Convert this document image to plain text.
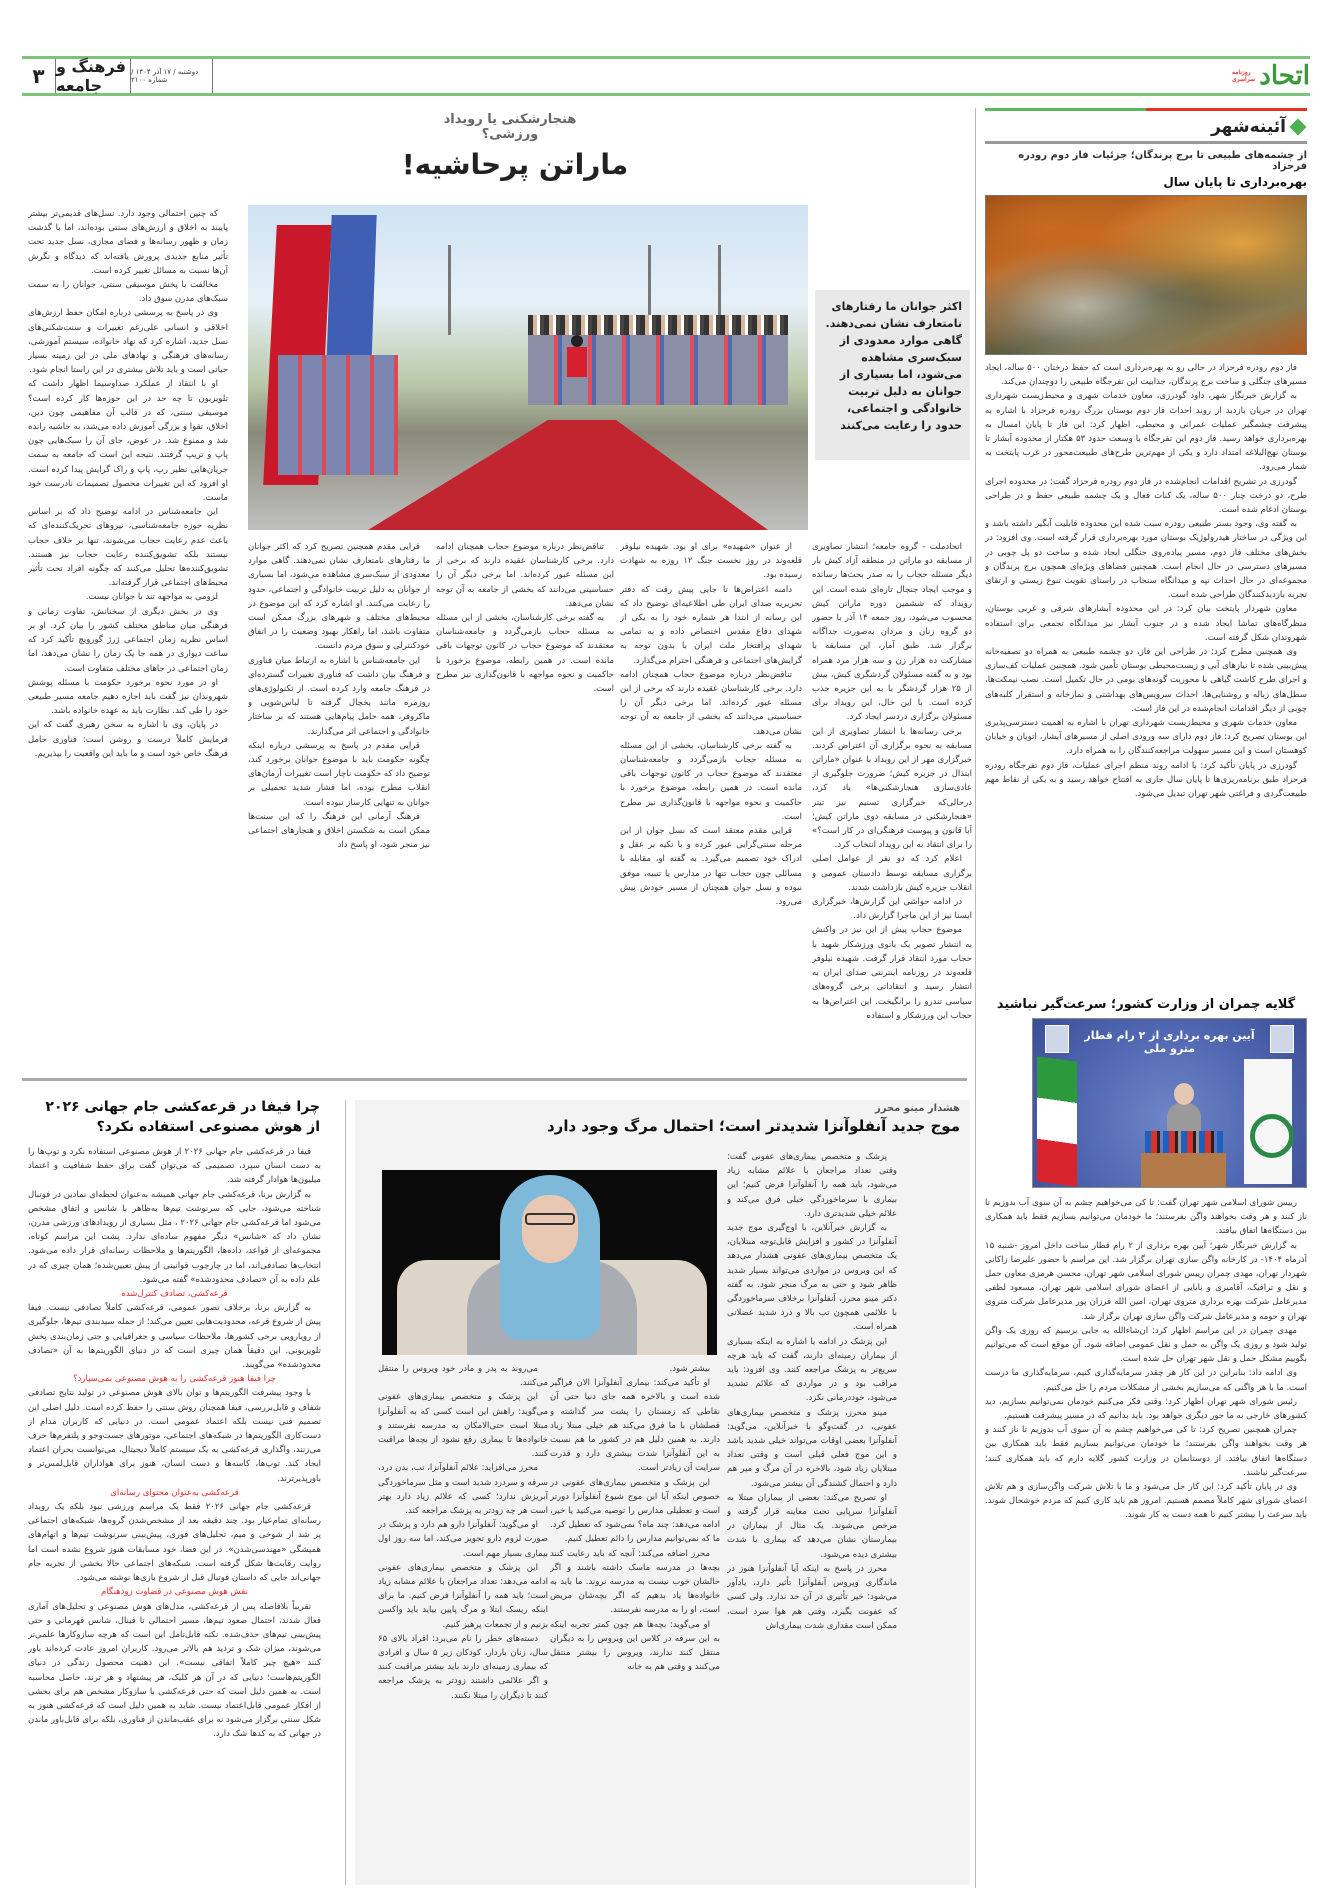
۳ فرهنگ و جامعه
دوشنبه / ۱۷ آذر ۱۴۰۴ / شماره ۲۱۰۰
روزنامه سراسری اتحاد
آئینه‌شهر
از چشمه‌های طبیعی تا برج پرندگان؛ جزئیات فاز دوم رودره فرحزاد
بهره‌برداری تا پایان سال

فاز دوم رودره فرحزاد در حالی رو به بهره‌برداری است که حفظ درختان ۵۰۰ ساله، ایجاد مسیرهای جنگلی و ساخت برج پرندگان، جذابیت این تفرجگاه طبیعی را دوچندان می‌کند.

به گزارش خبرنگار شهر، داود گودرزی، معاون خدمات شهری و محیط‌زیست شهرداری تهران در جریان بازدید از روند احداث فاز دوم بوستان بزرگ رودره فرحزاد با اشاره به پیشرفت چشمگیر عملیات عمرانی و محیطی، اظهار کرد: این فاز تا پایان امسال به بهره‌برداری خواهد رسید. فاز دوم این تفرجگاه با وسعت حدود ۵۳ هکتار از محدوده آبشار تا بوستان نهج‌البلاغه امتداد دارد و یکی از مهم‌ترین طرح‌های طبیعت‌محور در غرب پایتخت به شمار می‌رود.

گودرزی در تشریح اقدامات انجام‌شده در فاز دوم رودره فرحزاد گفت: در محدوده اجرای طرح، دو درخت چنار ۵۰۰ ساله، یک کنات فعال و یک چشمه طبیعی حفظ و در طراحی بوستان ادغام شده است.

به گفته وی، وجود بستر طبیعی رودره سبب شده این محدوده قابلیت آبگیر داشته باشد و این ویژگی در ساختار هیدرولوژیک بوستان مورد بهره‌برداری قرار گرفته است. وی افزود: در بخش‌های مختلف فاز دوم، مسیر پیاده‌روی جنگلی ایجاد شده و ساخت دو پل چوبی در مسیرهای دسترسی در حال انجام است. همچنین فضاهای ویژه‌ای همچون برج پرندگان و مجموعه‌ای در حال احداث تپه و میدانگاه سنجاب در راستای تقویت تنوع زیستی و ارتقای تجربه بازدیدکنندگان طراحی شده است.

معاون شهردار پایتخت بیان کرد: در این محدوده آبشارهای شرقی و غربی بوستان، منظرگاه‌های تماشا ایجاد شده و در جنوب آبشار نیز میدانگاه تجمعی برای استفاده شهروندان شکل گرفته است.

وی همچنین مطرح کرد: در طراحی این فاز، دو چشمه طبیعی به همراه دو تصفیه‌خانه پیش‌بینی شده تا نیازهای آبی و زیست‌محیطی بوستان تأمین شود. همچنین عملیات کف‌سازی و اجرای طرح کاشت گیاهی با محوریت گونه‌های بومی در حال تکمیل است. نصب نیمکت‌ها، سطل‌های زباله و روشنایی‌ها، احداث سرویس‌های بهداشتی و نمازخانه و استقرار کلبه‌های چوبی از دیگر اقدامات انجام‌شده در این فاز است.

معاون خدمات شهری و محیط‌زیست شهرداری تهران با اشاره به اهمیت دسترسی‌پذیری این بوستان تصریح کرد: فاز دوم دارای سه ورودی اصلی از مسیرهای آبشار، اتوبان و خیابان کوهستان است و این مسیر سهولت مراجعه‌کنندگان را به همراه دارد.

گودرزی در پایان تأکید کرد: با ادامه روند منظم اجرای عملیات، فاز دوم تفرجگاه رودره فرحزاد طبق برنامه‌ریزی‌ها تا پایان سال جاری به افتتاح خواهد رسید و به یکی از نقاط مهم طبیعت‌گردی و فراغتی شهر تهران تبدیل می‌شود.

گلایه چمران از وزارت کشور؛ سرعت‌گیر نباشید
آیین بهره برداری از ۲ رام قطار مترو ملی

رییس شورای اسلامی شهر تهران گفت: تا کی می‌خواهیم چشم به آن سوی آب بدوزیم تا ناز کنند و هر وقت بخواهند واگن بفرستند؛ ما خودمان می‌توانیم بسازیم فقط باید همکاری بین دستگاه‌ها اتفاق بیافتد.

به گزارش خبرنگار شهر؛ آیین بهره برداری از ۲ رام قطار ساخت داخل امروز -شنبه ۱۵ آذرماه ۱۴۰۴- در کارخانه واگن سازی تهران برگزار شد. این مراسم با حضور علیرضا زاکانی شهردار تهران، مهدی چمران رییس شورای اسلامی شهر تهران، محسن هرمزی معاون حمل و نقل و ترافیک، آقامیری و بابایی از اعضای شورای اسلامی شهر تهران، مسعود لطفی مدیرعامل شرکت بهره برداری متروی تهران، امین الله فرزان پور مدیرعامل شرکت متروی تهران و حومه و مدیرعامل شرکت واگن سازی تهران برگزار شد.

مهدی چمران در این مراسم اظهار کرد: ان‌شاءالله به جایی برسیم که روزی یک واگن تولید شود و روزی یک واگن به حمل و نقل عمومی اضافه شود. آن موقع است که می‌توانیم بگوییم مشکل حمل و نقل شهر تهران حل شده است.

وی ادامه داد: بنابراین در این کار هر چقدر سرمایه‌گذاری کنیم، سرمایه‌گذاری ما درست است. ما با هر واگنی که می‌سازیم بخشی از مشکلات مردم را حل می‌کنیم.

رئیس شورای شهر تهران اظهار کرد: وقتی فکر می‌کنیم خودمان نمی‌توانیم بسازیم، دید کشورهای خارجی به ما جور دیگری خواهد بود. باید بدانیم که در مسیر پیشرفت هستیم.

چمران همچنین تصریح کرد: تا کی می‌خواهیم چشم به آن سوی آب بدوزیم تا ناز کنند و هر وقت بخواهند واگن بفرستند؛ ما خودمان می‌توانیم بسازیم فقط باید همکاری بین دستگاه‌ها اتفاق بیافتد. از دوستانمان در وزارت کشور گلایه دارم که باید همکاری کنند؛ سرعت‌گیر نباشند.

وی در پایان تأکید کرد: این کار حل می‌شود و ما با تلاش شرکت واگن‌سازی و هم تلاش اعضای شورای شهر کاملاً مصمم هستیم. امروز هم باید کاری کنیم که مردم خوشحال شوند. باید سرعت را بیشتر کنیم تا همه دست به کار شوند.

هنجارشکنی یا رویداد ورزشی؟
ماراتن پرحاشیه!
اکثر جوانان ما رفتارهای نامتعارف نشان نمی‌دهند. گاهی موارد معدودی از سبک‌سری مشاهده می‌شود، اما بسیاری از جوانان به دلیل تربیت خانوادگی و اجتماعی، حدود را رعایت می‌کنند

اتحادملت - گروه جامعه؛ انتشار تصاویری از مسابقه دو ماراتن در منطقه آزاد کیش بار دیگر مسئله حجاب را به صدر بحث‌ها رسانده و موجب ایجاد جنجال تازه‌ای شده است. این رویداد که ششمین دوره ماراتن کیش محسوب می‌شود، روز جمعه ۱۴ آذر با حضور دو گروه زنان و مردان به‌صورت جداگانه برگزار شد. طبق آمار، این مسابقه با مشارکت ده هزار زن و سه هزار مرد همراه بود و به گفته مسئولان گردشگری کیش، بیش از ۲۵ هزار گردشگر با به این جزیره جذب کرده است. با این حال، این رویداد برای مسئولان برگزاری دردسر ایجاد کرد.

برخی رسانه‌ها با انتشار تصاویری از این مسابقه به نحوه برگزاری آن اعتراض کردند. خبرگزاری مهر از این رویداد با عنوان «ماراتن ابتذال در جزیره کیش؛ ضرورت جلوگیری از عادی‌سازی هنجارشکنی‌ها» یاد کرد، درحالی‌که خبرگزاری تسنیم نیز تیتر «هنجارشکنی در مسابقه دوی ماراتن کیش؛ آیا قانون و پیوست فرهنگی‌ای در کار است؟» را برای انتقاد به این رویداد انتخاب کرد.

اعلام کرد که دو نفر از عوامل اصلی برگزاری مسابقه توسط دادستان عمومی و انقلاب جزیره کیش بازداشت شدند.

در ادامه حواشی این گزارش‌ها، خبرگزاری ایسنا نیز از این ماجرا گزارش داد.

موضوع حجاب پیش از این نیز در واکنش به انتشار تصویر یک بانوی ورزشکار شهید با حجاب مورد انتقاد قرار گرفت. شهیده نیلوفر قلعه‌وند در روزنامه اینترنتی صدای ایران به انتشار رسید و انتقاداتی برخی گروه‌های سیاسی تندرو را برانگیخت. این اعتراض‌ها به حجاب این ورزشکار و استفاده

از عنوان «شهیده» برای او بود. شهیده نیلوفر قلعه‌وند در روز نخست جنگ ۱۲ روزه به شهادت رسیده بود.

دامنه اعتراض‌ها تا جایی پیش رفت که دفتر تحریریه صدای ایران طی اطلاعیه‌ای توضیح داد که این رسانه از ابتدا هر شماره خود را به یکی از شهدای دفاع مقدس اختصاص داده و به تمامی شهدای پرافتخار ملت ایران با بدون توجه به گرایش‌های اجتماعی و فرهنگی احترام می‌گذارد.

تناقض‌نظر درباره موضوع حجاب همچنان ادامه دارد. برخی کارشناسان عقیده دارند که برخی از این مسئله عبور کرده‌اند. اما برخی دیگر آن را حساسیتی می‌دانند که بخشی از جامعه به آن توجه نشان می‌دهد.

به گفته برخی کارشناسان، بخشی از این مسئله به مسئله حجاب بازمی‌گردد و جامعه‌شناسان معتقدند که موضوع حجاب در کانون توجهات باقی مانده است. در همین رابطه، موضوع برخورد با حاکمیت و نحوه مواجهه با قانون‌گذاری نیز مطرح است.

قرایی مقدم معتقد است که نسل جوان از این مرحله سنتی‌گرایی عبور کرده و با تکیه بر عقل و ادراک خود تصمیم می‌گیرد. به گفته او، مقابله با مسائلی چون حجاب تنها در مدارس یا تنبیه، موفق نبوده و نسل جوان همچنان از مسیر خودش پیش می‌رود.

قرایی مقدم همچنین تصریح کرد که اکثر جوانان ما رفتارهای نامتعارف نشان نمی‌دهند. گاهی موارد معدودی از سبک‌سری مشاهده می‌شود، اما بسیاری از جوانان به دلیل تربیت خانوادگی و اجتماعی، حدود را رعایت می‌کنند. او اشاره کرد که این موضوع در محیط‌های مختلف و شهرهای بزرگ ممکن است متفاوت باشد، اما راهکار بهبود وضعیت را در اتفاق خودکنترلی و سوق مردم دانست.

این جامعه‌شناس با اشاره به ارتباط میان فناوری و فرهنگ بیان داشت که فناوری تغییرات گسترده‌ای در فرهنگ جامعه وارد کرده است. از تکنولوژی‌های روزمره مانند یخچال گرفته تا لباس‌شویی و ماکروفر، همه حامل پیام‌هایی هستند که بر ساختار خانوادگی و اجتماعی اثر می‌گذارند.

قرایی مقدم در پاسخ به پرسشی درباره اینکه چگونه حکومت باید با موضوع جوانان برخورد کند، توضیح داد که حکومت ناچار است تغییرات آرمان‌های انقلاب مطرح بوده، اما فشار شدید تحمیلی بر جوانان به تنهایی کارساز نبوده است.

فرهنگ آرمانی این فرهنگ را که این سنت‌ها ممکن است به شکستن اخلاق و هنجارهای اجتماعی نیز منجر شود، او پاسخ داد

تناقض‌نظر درباره موضوع حجاب همچنان ادامه دارد. برخی کارشناسان عقیده دارند که برخی از این مسئله عبور کرده‌اند. اما برخی دیگر آن را حساسیتی می‌دانند که بخشی از جامعه به آن توجه نشان می‌دهد.

به گفته برخی کارشناسان، بخشی از این مسئله به مسئله حجاب بازمی‌گردد و جامعه‌شناسان معتقدند که موضوع حجاب در کانون توجهات باقی مانده است. در همین رابطه، موضوع برخورد با حاکمیت و نحوه مواجهه با قانون‌گذاری نیز مطرح است.

که چنین احتمالی وجود دارد. نسل‌های قدیمی‌تر بیشتر پایبند به اخلاق و ارزش‌های سنتی بوده‌اند، اما با گذشت زمان و ظهور رسانه‌ها و فضای مجازی، نسل جدید تحت تأثیر منابع جدیدی پرورش یافته‌اند که دیدگاه و نگرش آن‌ها نسبت به مسائل تغییر کرده است.

مخالفت با پخش موسیقی سنتی، جوانان را به سمت سبک‌های مدرن سوق داد.

وی در پاسخ به پرسشی درباره امکان حفظ ارزش‌های اخلاقی و انسانی علی‌رغم تغییرات و سنت‌شکنی‌های نسل جدید، اشاره کرد که نهاد خانواده، سیستم آموزشی، رسانه‌های فرهنگی و نهادهای ملی در این زمینه بسیار حیاتی است و باید تلاش بیشتری در این راستا انجام شود.

او با انتقاد از عملکرد صداوسیما اظهار داشت که تلویزیون تا چه حد در این حوزه‌ها کار کرده است؟ موسیقی سنتی، که در قالب آن مفاهیمی چون دین، اخلاق، تقوا و بزرگی آموزش داده می‌شد، به حاشیه رانده شد و ممنوع شد. در عوض، جای آن را سبک‌هایی چون پاپ و تریپ گرفتند. نتیجه این است که جامعه به سمت جریان‌هایی نظیر رپ، پاپ و راک گرایش پیدا کرده است. او افزود که این تغییرات محصول تصمیمات نادرست خود ماست.

این جامعه‌شناس در ادامه توضیح داد که بر اساس نظریه حوزه جامعه‌شناسی، نیروهای تحریک‌کننده‌ای که باعث عدم رعایت حجاب می‌شوند، تنها بر خلاف حجاب نیستند بلکه تشویق‌کننده رعایت حجاب نیز هستند. تشویق‌کننده‌ها تحلیل می‌کنند که چگونه افراد تحت تأثیر محیط‌های اجتماعی قرار گرفته‌اند.

لزومی به مواجهه تند با جوانان نیست.

وی در بخش دیگری از سخنانش، تفاوت زمانی و فرهنگی میان مناطق مختلف کشور را بیان کرد. او بر اساس نظریه زمان اجتماعی ژرژ گورویچ تأکید کرد که ساعت دیواری در همه جا یک زمان را نشان می‌دهد، اما زمان اجتماعی در جاهای مختلف متفاوت است.

او در مورد نحوه برخورد حکومت با مسئله پوشش شهروندان نیز گفت باید اجازه دهیم جامعه مسیر طبیعی خود را طی کند. نظارت باید به عهده خانواده باشد.

در پایان، وی با اشاره به سخن رهبری گفت که این فرمایش کاملاً درست و روشن است: فناوری حامل فرهنگ خاص خود است و ما باید این واقعیت را بپذیریم.

هشدار مینو محرز
موج جدید آنفلوآنزا شدیدتر است؛ احتمال مرگ وجود دارد

پزشک و متخصص بیماری‌های عفونی گفت: وقتی تعداد مراجعان با علائم مشابه زیاد می‌شود، باید همه را آنفلوآنزا فرض کنیم؛ این بیماری با سرماخوردگی خیلی فرق می‌کند و علائم خیلی شدیدتری دارد.

به گزارش خبرآنلاین، با اوج‌گیری موج جدید آنفلوآنزا در کشور و افزایش قابل‌توجه مبتلایان، یک متخصص بیماری‌های عفونی هشدار می‌دهد که این ویروس در مواردی می‌تواند بسیار شدید ظاهر شود و حتی به مرگ منجر شود. به گفته دکتر مینو محرز، آنفلوآنزا برخلاف سرماخوردگی با علائمی همچون تب بالا و درد شدید عضلانی همراه است.

این پزشک در ادامه با اشاره به اینکه بسیاری از بیماران زمینه‌ای دارند، گفت که باید هرچه سریع‌تر به پزشک مراجعه کنند. وی افزود: باید مراقب بود و در مواردی که علائم تشدید می‌شود، خوددرمانی نکرد.

مینو محرز، پزشک و متخصص بیماری‌های عفونی، در گفت‌وگو با خبرآنلاین، می‌گوید: آنفلوآنزا بعضی اوقات می‌تواند خیلی شدید باشد و این موج فعلی قبلی است و وقتی تعداد مبتلایان زیاد شود، بالاخره در آن مرگ و میر هم دارد و احتمال کشندگی آن بیشتر می‌شود.

او تصریح می‌کند: بعضی از بیماران مبتلا به آنفلوآنزا سرپایی تحت معاینه قرار گرفته و مرخص می‌شوند. یک مثال از بیماران در بیمارستان نشان می‌دهد که بیماری با شدت بیشتری دیده می‌شود.

محرز در پاسخ به اینکه آیا آنفلوآنزا هنوز در ماندگاری ویروس آنفلوآنزا تأثیر دارد، یادآور می‌شود: خیر تأثیری در آن حد ندارد. ولی کسی که عفونت بگیرد، وقتی هم هوا سرد است، ممکن است مقداری شدت بیماری‌اش

بیشتر شود.

او تأکید می‌کند: بیماری آنفلوآنزا الان فراگیر شده است و بالاخره همه جای دنیا حتی آن نقاطی که زمستان را پشت سر گذاشته و فصلشان با ما فرق می‌کند هم خیلی مبتلا زیاد دارند. به همین دلیل هم در کشور ما هم نسبت به این آنفلوآنزا شدت بیشتری دارد و قدرت سرایت آن زیادتر است.

این پزشک و متخصص بیماری‌های عفونی در خصوص اینکه آیا این موج شیوع آنفلوآنزا دورتر است و تعطیلی مدارس را توصیه می‌کنید یا خیر، ادامه می‌دهد: چند ماه؟ نمی‌شود که تعطیل کرد. ما که نمی‌توانیم مدارس را دائم تعطیل کنیم.

محرز اضافه می‌کند: آنچه که باید رعایت کنند بچه‌ها در مدرسه ماسک داشته باشند و اگر حالشان خوب نیست به مدرسه نروند. ما باید به خانواده‌ها یاد بدهیم که اگر بچه‌شان مریض است، او را به مدرسه نفرستند.

او می‌گوید: بچه‌ها هم چون کمتر تجربه اینکه به این سرفه در کلاس این ویروس را به دیگران منتقل کنند ندارند، ویروس را بیشتر منتقل می‌کنند و وقتی هم به خانه

می‌روند به پدر و مادر خود ویروس را منتقل می‌کنند.

این پزشک و متخصص بیماری‌های عفونی می‌گوید: راهش این است کسی که به آنفلوآنزا مبتلا است حتی‌الامکان به مدرسه نفرستند و خانواده‌ها تا بیماری رفع نشود از بچه‌ها مراقبت کنند.

محرز می‌افزاید: علائم آنفلوآنزا، تب، بدن درد، سرفه و سردرد شدید است و مثل سرماخوردگی آبریزش ندارد؛ کسی که علائم زیاد دارد بهتر است هر چه زودتر به پزشک مراجعه کند.

او می‌گوید: آنفلوآنزا دارو هم دارد و پزشک در صورت لزوم دارو تجویز می‌کند، اما سه روز اول بیماری بسیار مهم است.

این پزشک و متخصص بیماری‌های عفونی ادامه می‌دهد: تعداد مراجعان با علائم مشابه زیاد است؛ باید همه را آنفلوآنزا فرض کنیم. ما برای اینکه ریسک ابتلا و مرگ پایین بیاید باید واکسن بزنیم و از تجمعات پرهیز کنیم.

دسته‌های خطر را نام می‌برد: افراد بالای ۶۵ سال، زنان باردار، کودکان زیر ۵ سال و افرادی که بیماری زمینه‌ای دارند باید بیشتر مراقبت کنند و اگر علائمی داشتند زودتر به پزشک مراجعه کنند تا دیگران را مبتلا نکنند.

چرا فیفا در قرعه‌کشی جام جهانی ۲۰۲۶ از هوش مصنوعی استفاده نکرد؟

فیفا در قرعه‌کشی جام جهانی ۲۰۲۶ از هوش مصنوعی استفاده نکرد و توپ‌ها را به دست انسان سپرد، تصمیمی که می‌توان گفت برای حفظ شفافیت و اعتماد میلیون‌ها هوادار گرفته شد.

به گزارش برنا، قرعه‌کشی جام جهانی همیشه به‌عنوان لحظه‌ای نمادین در فوتبال شناخته می‌شود، جایی که سرنوشت تیم‌ها به‌ظاهر با شانس و اتفاق مشخص می‌شود اما قرعه‌کشی جام جهانی ۲۰۲۶ ، مثل بسیاری از رویدادهای ورزشی مدرن، نشان داد که «شانس» دیگر مفهوم ساده‌ای ندارد. پشت این مراسم کوتاه، مجموعه‌ای از قواعد، داده‌ها، الگوریتم‌ها و ملاحظات رسانه‌ای قرار داده می‌شود. انتخاب‌ها تصادفی‌اند، اما در چارچوب قوانینی از پیش تعیین‌شده؛ همان چیزی که در علم داده به آن «تصادف محدودشده» گفته می‌شود.

قرعه‌کشی، تصادف کنترل‌شده

به گزارش برنا، برخلاف تصور عمومی، قرعه‌کشی کاملاً تصادفی نیست. فیفا پیش از شروع قرعه، محدودیت‌هایی تعیین می‌کند؛ از جمله سیدبندی تیم‌ها، جلوگیری از رویارویی برخی کشورها، ملاحظات سیاسی و جغرافیایی و حتی زمان‌بندی پخش تلویزیونی. این دقیقاً همان چیزی است که در دنیای الگوریتم‌ها به آن «تصادف محدودشده» می‌گویند.

چرا فیفا هنوز قرعه‌کشی را به هوش مصنوعی نمی‌سپارد؟

با وجود پیشرفت الگوریتم‌ها و توان بالای هوش مصنوعی در تولید نتایج تصادفی شفاف و قابل‌بررسی، فیفا همچنان روش سنتی را حفظ کرده است. دلیل اصلی این تصمیم فنی نیست بلکه اعتماد عمومی است. در دنیایی که کاربران مدام از دست‌کاری الگوریتم‌ها در شبکه‌های اجتماعی، موتورهای جست‌وجو و پلتفرم‌ها حرف می‌زنند، واگذاری قرعه‌کشی به یک سیستم کاملاً دیجیتال، می‌توانست بحران اعتماد ایجاد کند. توپ‌ها، کاسه‌ها و دست انسان، هنوز برای هواداران قابل‌لمس‌تر و باورپذیرترند.

قرعه‌کشی به‌عنوان محتوای رسانه‌ای

قرعه‌کشی جام جهانی ۲۰۲۶ فقط یک مراسم ورزشی نبود بلکه یک رویداد رسانه‌ای تمام‌عیار بود. چند دقیقه بعد از مشخص‌شدن گروه‌ها، شبکه‌های اجتماعی پر شد از شوخی و میم، تحلیل‌های فوری، پیش‌بینی سرنوشت تیم‌ها و اتهام‌های همیشگی «مهندسی‌شدن». در این فضا، خود مسابقات هنوز شروع نشده است اما روایت رقابت‌ها شکل گرفته است. شبکه‌های اجتماعی حالا بخشی از تجربه جام جهانی‌اند جایی که داستان فوتبال قبل از شروع بازی‌ها نوشته می‌شود.

نقش هوش مصنوعی در قضاوت زودهنگام

تقریباً بلافاصله پس از قرعه‌کشی، مدل‌های هوش مصنوعی و تحلیل‌های آماری فعال شدند، احتمال صعود تیم‌ها، مسیر احتمالی تا فینال، شانس قهرمانی و حتی پیش‌بینی تیم‌های حذف‌شده. نکته قابل‌تامل این است که هرچه سازوکارها علمی‌تر می‌شوند، میزان شک و تردید هم بالاتر می‌رود. کاربران امروز عادت کرده‌اند باور کنند «هیچ چیز کاملاً اتفاقی نیست». این ذهنیت محصول زندگی در دنیای الگوریتم‌هاست؛ دنیایی که در آن هر کلیک، هر پیشنهاد و هر ترند، حاصل محاسبه است. به همین دلیل است که حتی قرعه‌کشی با سازوکار مشخص هم برای بخشی از افکار عمومی قابل‌اعتماد نیست. شاید به همین دلیل است که قرعه‌کشی هنوز به شکل سنتی برگزار می‌شود نه برای عقب‌ماندن از فناوری، بلکه برای قابل‌باور ماندن در جهانی که به کدها شک دارد.
